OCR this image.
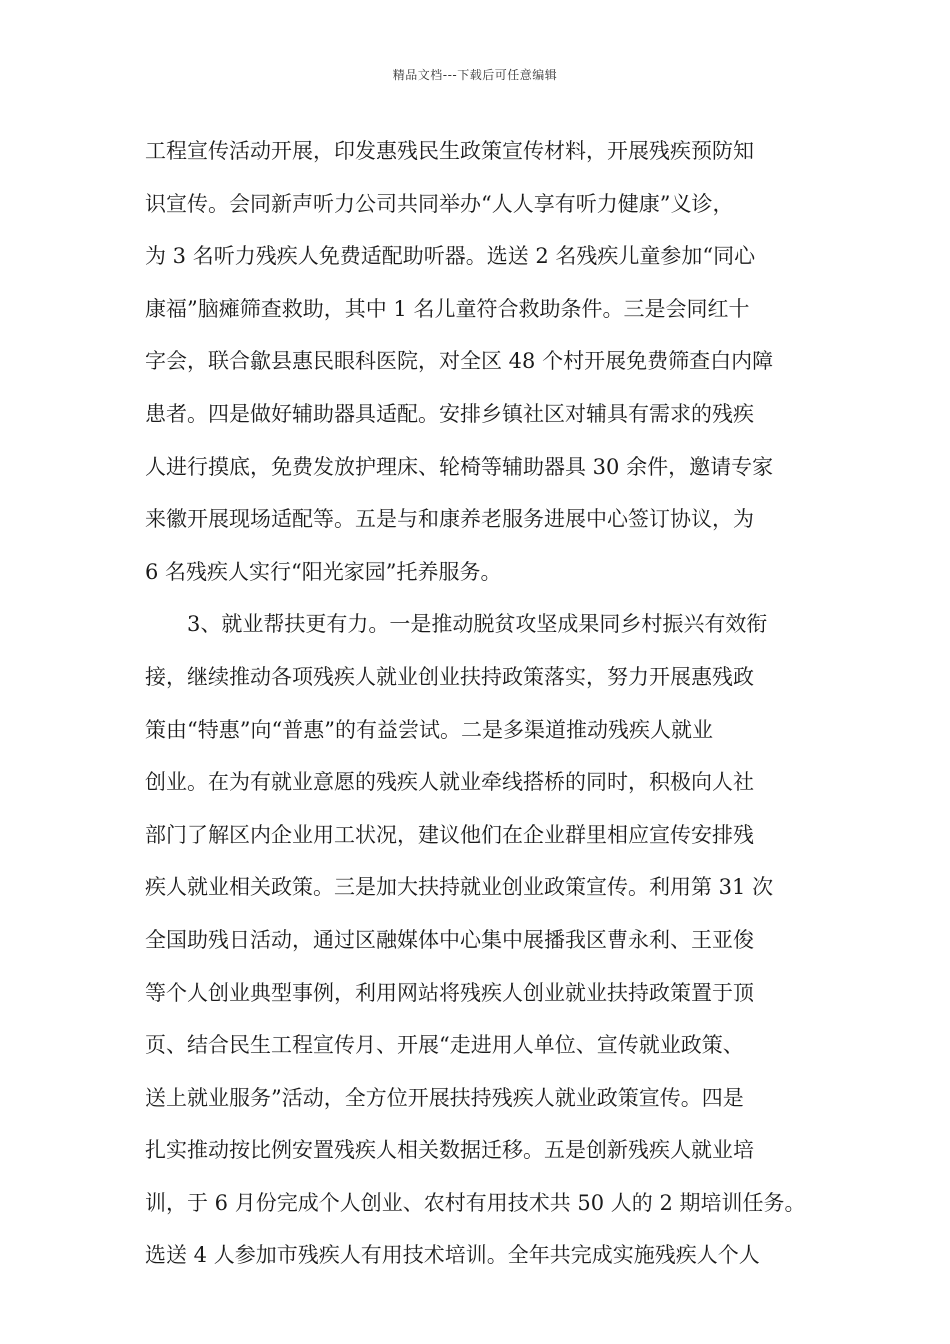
精品文档---下载后可任意编辑
工程宣传活动开展，印发惠残民生政策宣传材料，开展残疾预防知
识宣传。会同新声听力公司共同举办“人人享有听力健康”义诊，
为 3 名听力残疾人免费适配助听器。选送 2 名残疾儿童参加“同心
康福”脑瘫筛查救助，其中 1 名儿童符合救助条件。三是会同红十
字会，联合歙县惠民眼科医院，对全区 48 个村开展免费筛查白内障
患者。四是做好辅助器具适配。安排乡镇社区对辅具有需求的残疾
人进行摸底，免费发放护理床、轮椅等辅助器具 30 余件，邀请专家
来徽开展现场适配等。五是与和康养老服务进展中心签订协议，为
6 名残疾人实行“阳光家园”托养服务。
3、就业帮扶更有力。一是推动脱贫攻坚成果同乡村振兴有效衔
接，继续推动各项残疾人就业创业扶持政策落实，努力开展惠残政
策由“特惠”向“普惠”的有益尝试。二是多渠道推动残疾人就业
创业。在为有就业意愿的残疾人就业牵线搭桥的同时，积极向人社
部门了解区内企业用工状况，建议他们在企业群里相应宣传安排残
疾人就业相关政策。三是加大扶持就业创业政策宣传。利用第 31 次
全国助残日活动，通过区融媒体中心集中展播我区曹永利、王亚俊
等个人创业典型事例，利用网站将残疾人创业就业扶持政策置于顶
页、结合民生工程宣传月、开展“走进用人单位、宣传就业政策、
送上就业服务”活动，全方位开展扶持残疾人就业政策宣传。四是
扎实推动按比例安置残疾人相关数据迁移。五是创新残疾人就业培
训，于 6 月份完成个人创业、农村有用技术共 50 人的 2 期培训任务。
选送 4 人参加市残疾人有用技术培训。全年共完成实施残疾人个人
